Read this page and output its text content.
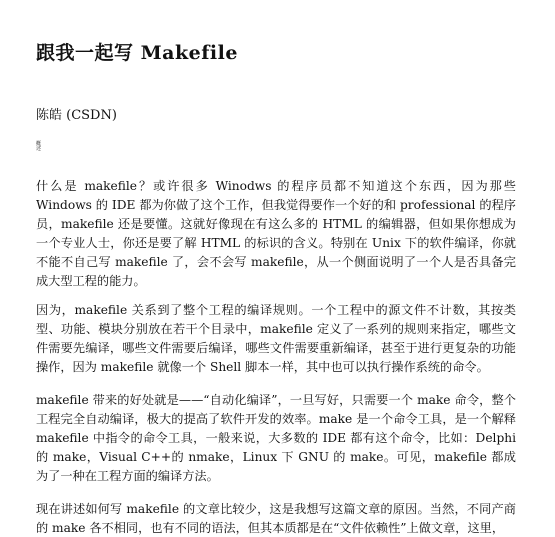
跟我一起写 Makefile
陈皓 (CSDN)
概述

什么是 makefile？或许很多 Winodws 的程序员都不知道这个东西，因为那些 Windows 的 IDE 都为你做了这个工作，但我觉得要作一个好的和 professional 的程序员，makefile 还是要懂。这就好像现在有这么多的 HTML 的编辑器，但如果你想成为一个专业人士，你还是要了解 HTML 的标识的含义。特别在 Unix 下的软件编译，你就不能不自己写 makefile 了，会不会写 makefile，从一个侧面说明了一个人是否具备完成大型工程的能力。

因为，makefile 关系到了整个工程的编译规则。一个工程中的源文件不计数，其按类型、功能、模块分别放在若干个目录中，makefile 定义了一系列的规则来指定，哪些文件需要先编译，哪些文件需要后编译，哪些文件需要重新编译，甚至于进行更复杂的功能操作，因为 makefile 就像一个 Shell 脚本一样，其中也可以执行操作系统的命令。

makefile 带来的好处就是——“自动化编译”，一旦写好，只需要一个 make 命令，整个工程完全自动编译，极大的提高了软件开发的效率。make 是一个命令工具，是一个解释 makefile 中指令的命令工具，一般来说，大多数的 IDE 都有这个命令，比如：Delphi 的 make，Visual C++的 nmake，Linux 下 GNU 的 make。可见，makefile 都成为了一种在工程方面的编译方法。

现在讲述如何写 makefile 的文章比较少，这是我想写这篇文章的原因。当然，不同产商的 make 各不相同，也有不同的语法，但其本质都是在“文件依赖性”上做文章，这里，
